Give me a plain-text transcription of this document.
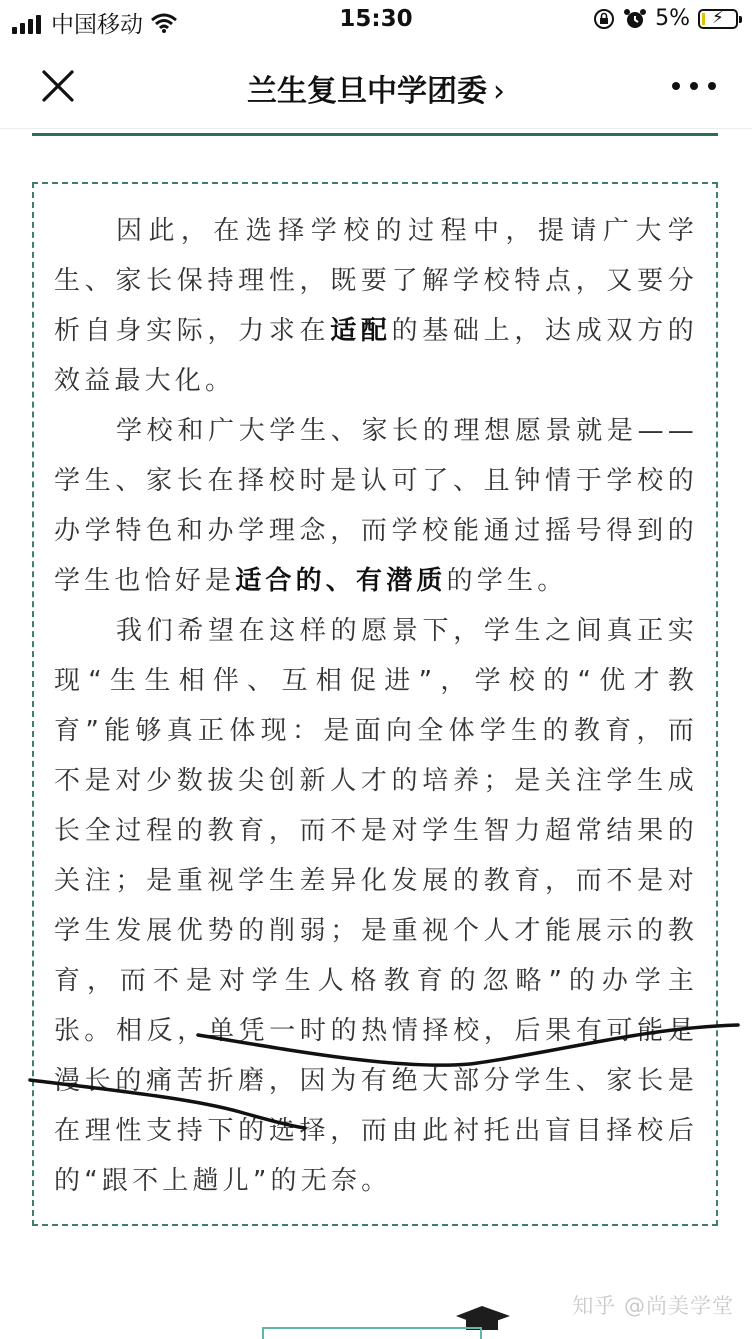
中国移动	15:30	5% ⚡
兰生复旦中学团委 ›

因此，在选择学校的过程中，提请广大学生、家长保持理性，既要了解学校特点，又要分析自身实际，力求在适配的基础上，达成双方的效益最大化。

学校和广大学生、家长的理想愿景就是——学生、家长在择校时是认可了、且钟情于学校的办学特色和办学理念，而学校能通过摇号得到的学生也恰好是适合的、有潜质的学生。

我们希望在这样的愿景下，学生之间真正实现“生生相伴、互相促进”，学校的“优才教育”能够真正体现：是面向全体学生的教育，而不是对少数拔尖创新人才的培养；是关注学生成长全过程的教育，而不是对学生智力超常结果的关注；是重视学生差异化发展的教育，而不是对学生发展优势的削弱；是重视个人才能展示的教育，而不是对学生人格教育的忽略”的办学主张。 相反，单凭一时的热情择校，后果有可能是漫长的痛苦折磨，因为有绝大部分学生、家长是在理性支持下的选择，而由此衬托出盲目择校后的“跟不上趟儿”的无奈。

知乎 @尚美学堂
